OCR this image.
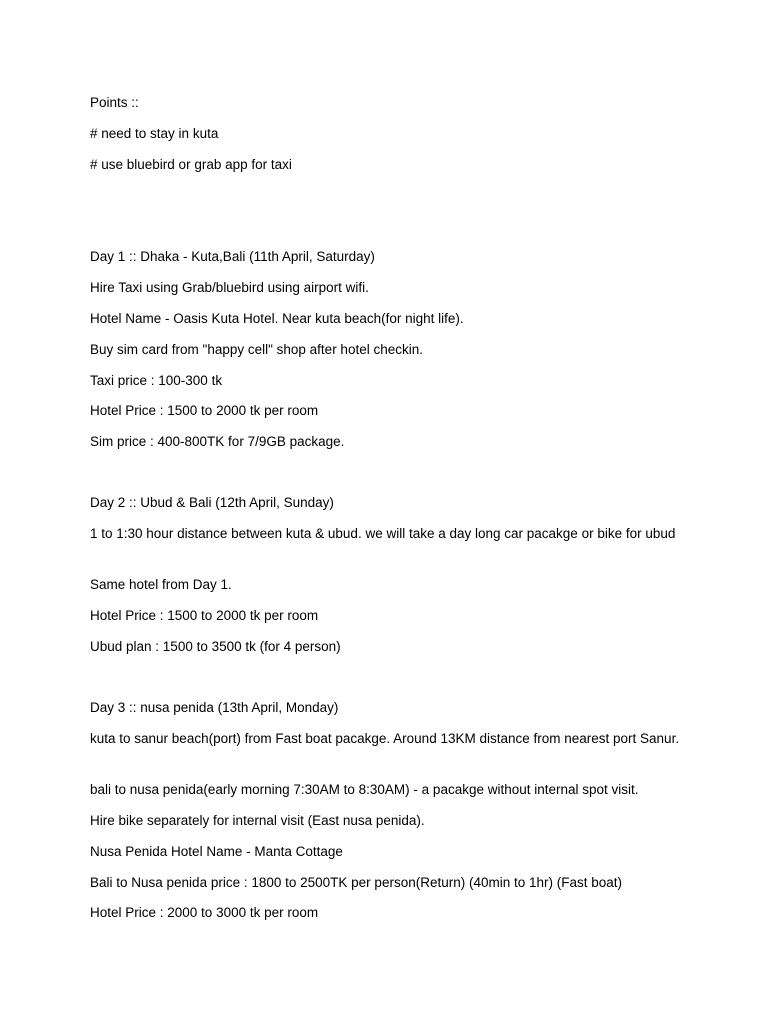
Points ::
# need to stay in kuta
# use bluebird or grab app for taxi
Day 1 :: Dhaka - Kuta,Bali (11th April, Saturday)
Hire Taxi using Grab/bluebird using airport wifi.
Hotel Name - Oasis Kuta Hotel. Near kuta beach(for night life).
Buy sim card from "happy cell" shop after hotel checkin.
Taxi price : 100-300 tk
Hotel Price : 1500 to 2000 tk per room
Sim price : 400-800TK for 7/9GB package.
Day 2 :: Ubud & Bali (12th April, Sunday)
1 to 1:30 hour distance between kuta & ubud. we will take a day long car pacakge or bike for ubud
Same hotel from Day 1.
Hotel Price : 1500 to 2000 tk per room
Ubud plan : 1500 to 3500 tk (for 4 person)
Day 3 :: nusa penida (13th April, Monday)
kuta to sanur beach(port) from Fast boat pacakge. Around 13KM distance from nearest port Sanur.
bali to nusa penida(early morning 7:30AM to 8:30AM) - a pacakge without internal spot visit.
Hire bike separately for internal visit (East nusa penida).
Nusa Penida Hotel Name - Manta Cottage
Bali to Nusa penida price : 1800 to 2500TK per person(Return) (40min to 1hr) (Fast boat)
Hotel Price : 2000 to 3000 tk per room
